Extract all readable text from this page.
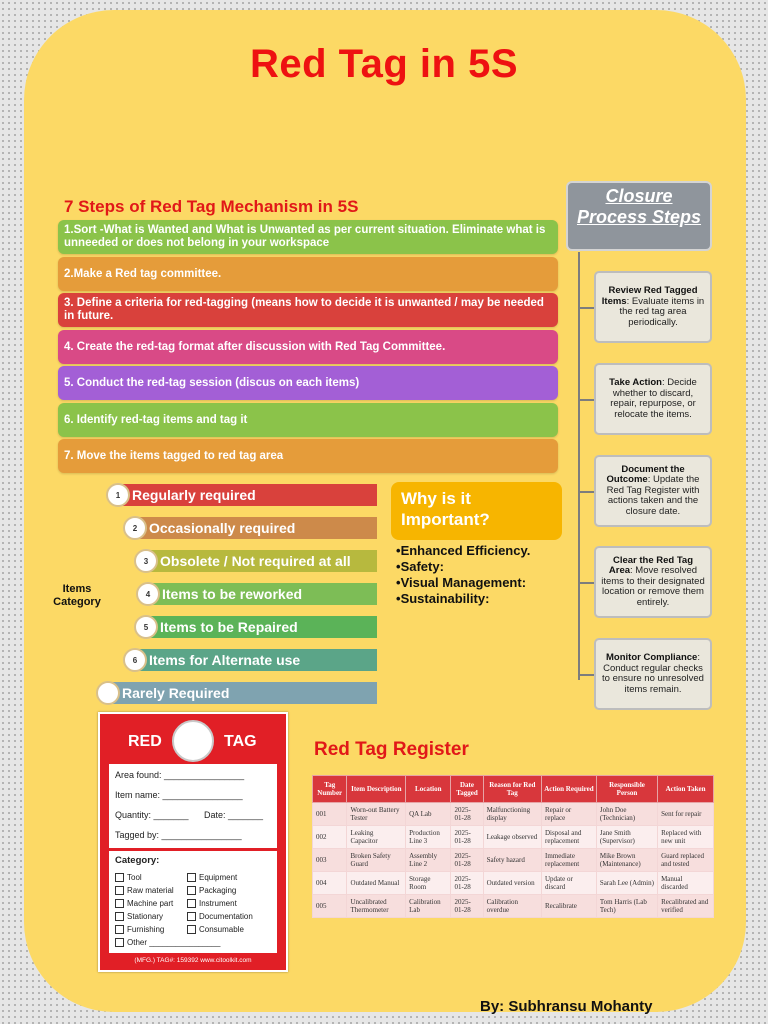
Red Tag in 5S
7 Steps of Red Tag Mechanism in 5S
1.Sort -What is Wanted and What is Unwanted as per current situation. Eliminate what is unneeded or does not belong in your workspace
2.Make a Red tag committee.
3. Define a criteria for red-tagging (means how to decide it is unwanted / may be needed in future.
4. Create the red-tag format after discussion with Red Tag Committee.
5. Conduct the red-tag session (discus on each items)
6. Identify red-tag items and tag it
7. Move the items tagged to red tag area
Regularly required
1
Occasionally required
2
Obsolete / Not required at all
3
Items to be reworked
4
Items to be Repaired
5
Items for Alternate use
6
Rarely Required
Items Category
Why is it Important?
• Enhanced Efficiency.
• Safety:
• Visual Management:
• Sustainability:
Closure Process Steps
Review Red Tagged Items: Evaluate items in the red tag area periodically.
Take Action: Decide whether to discard, repair, repurpose, or relocate the items.
Document the Outcome: Update the Red Tag Register with actions taken and the closure date.
Clear the Red Tag Area: Move resolved items to their designated location or remove them entirely.
Monitor Compliance: Conduct regular checks to ensure no unresolved items remain.
RED	TAG
Area found: ________________
Item name: ________________
Quantity: _______ Date: _______
Tagged by: ________________
Category:
Tool
Raw material
Machine part
Stationary
Furnishing
Other ________________
Equipment
Packaging
Instrument
Documentation
Consumable
(MFG.) TAG#: 159392 www.citoolkit.com
Red Tag Register
Tag Number	Item Description	Location	Date Tagged	Reason for Red Tag	Action Required	Responsible Person	Action Taken
001	Worn-out Battery Tester	QA Lab	2025-01-28	Malfunctioning display	Repair or replace	John Doe (Technician)	Sent for repair
002	Leaking Capacitor	Production Line 3	2025-01-28	Leakage observed	Disposal and replacement	Jane Smith (Supervisor)	Replaced with new unit
003	Broken Safety Guard	Assembly Line 2	2025-01-28	Safety hazard	Immediate replacement	Mike Brown (Maintenance)	Guard replaced and tested
004	Outdated Manual	Storage Room	2025-01-28	Outdated version	Update or discard	Sarah Lee (Admin)	Manual discarded
005	Uncalibrated Thermometer	Calibration Lab	2025-01-28	Calibration overdue	Recalibrate	Tom Harris (Lab Tech)	Recalibrated and verified
By: Subhransu Mohanty
